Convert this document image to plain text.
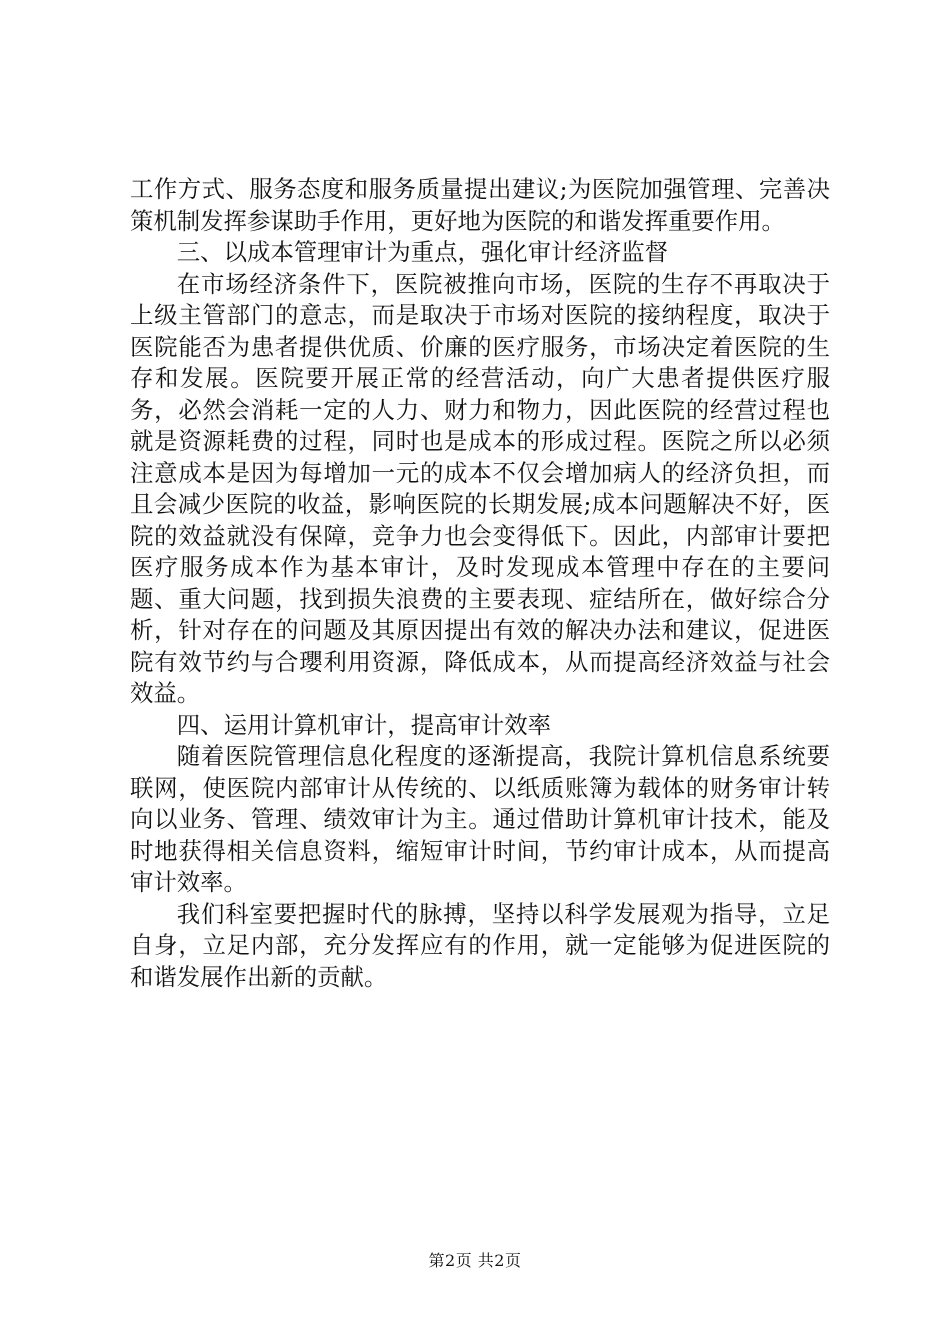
工作方式、服务态度和服务质量提出建议;为医院加强管理、完善决策机制发挥参谋助手作用，更好地为医院的和谐发挥重要作用。

三、以成本管理审计为重点，强化审计经济监督

在市场经济条件下，医院被推向市场，医院的生存不再取决于上级主管部门的意志，而是取决于市场对医院的接纳程度，取决于医院能否为患者提供优质、价廉的医疗服务，市场决定着医院的生存和发展。医院要开展正常的经营活动，向广大患者提供医疗服务，必然会消耗一定的人力、财力和物力，因此医院的经营过程也就是资源耗费的过程，同时也是成本的形成过程。医院之所以必须注意成本是因为每增加一元的成本不仅会增加病人的经济负担，而且会减少医院的收益，影响医院的长期发展;成本问题解决不好，医院的效益就没有保障，竞争力也会变得低下。因此，内部审计要把医疗服务成本作为基本审计，及时发现成本管理中存在的主要问题、重大问题，找到损失浪费的主要表现、症结所在，做好综合分析，针对存在的问题及其原因提出有效的解决办法和建议，促进医院有效节约与合瓔利用资源，降低成本，从而提高经济效益与社会效益。

四、运用计算机审计，提高审计效率

随着医院管理信息化程度的逐渐提高，我院计算机信息系统要联网，使医院内部审计从传统的、以纸质账簿为载体的财务审计转向以业务、管理、绩效审计为主。通过借助计算机审计技术，能及时地获得相关信息资料，缩短审计时间，节约审计成本，从而提高审计效率。

我们科室要把握时代的脉搏，坚持以科学发展观为指导，立足自身，立足内部，充分发挥应有的作用，就一定能够为促进医院的和谐发展作出新的贡献。

第2页 共2页
